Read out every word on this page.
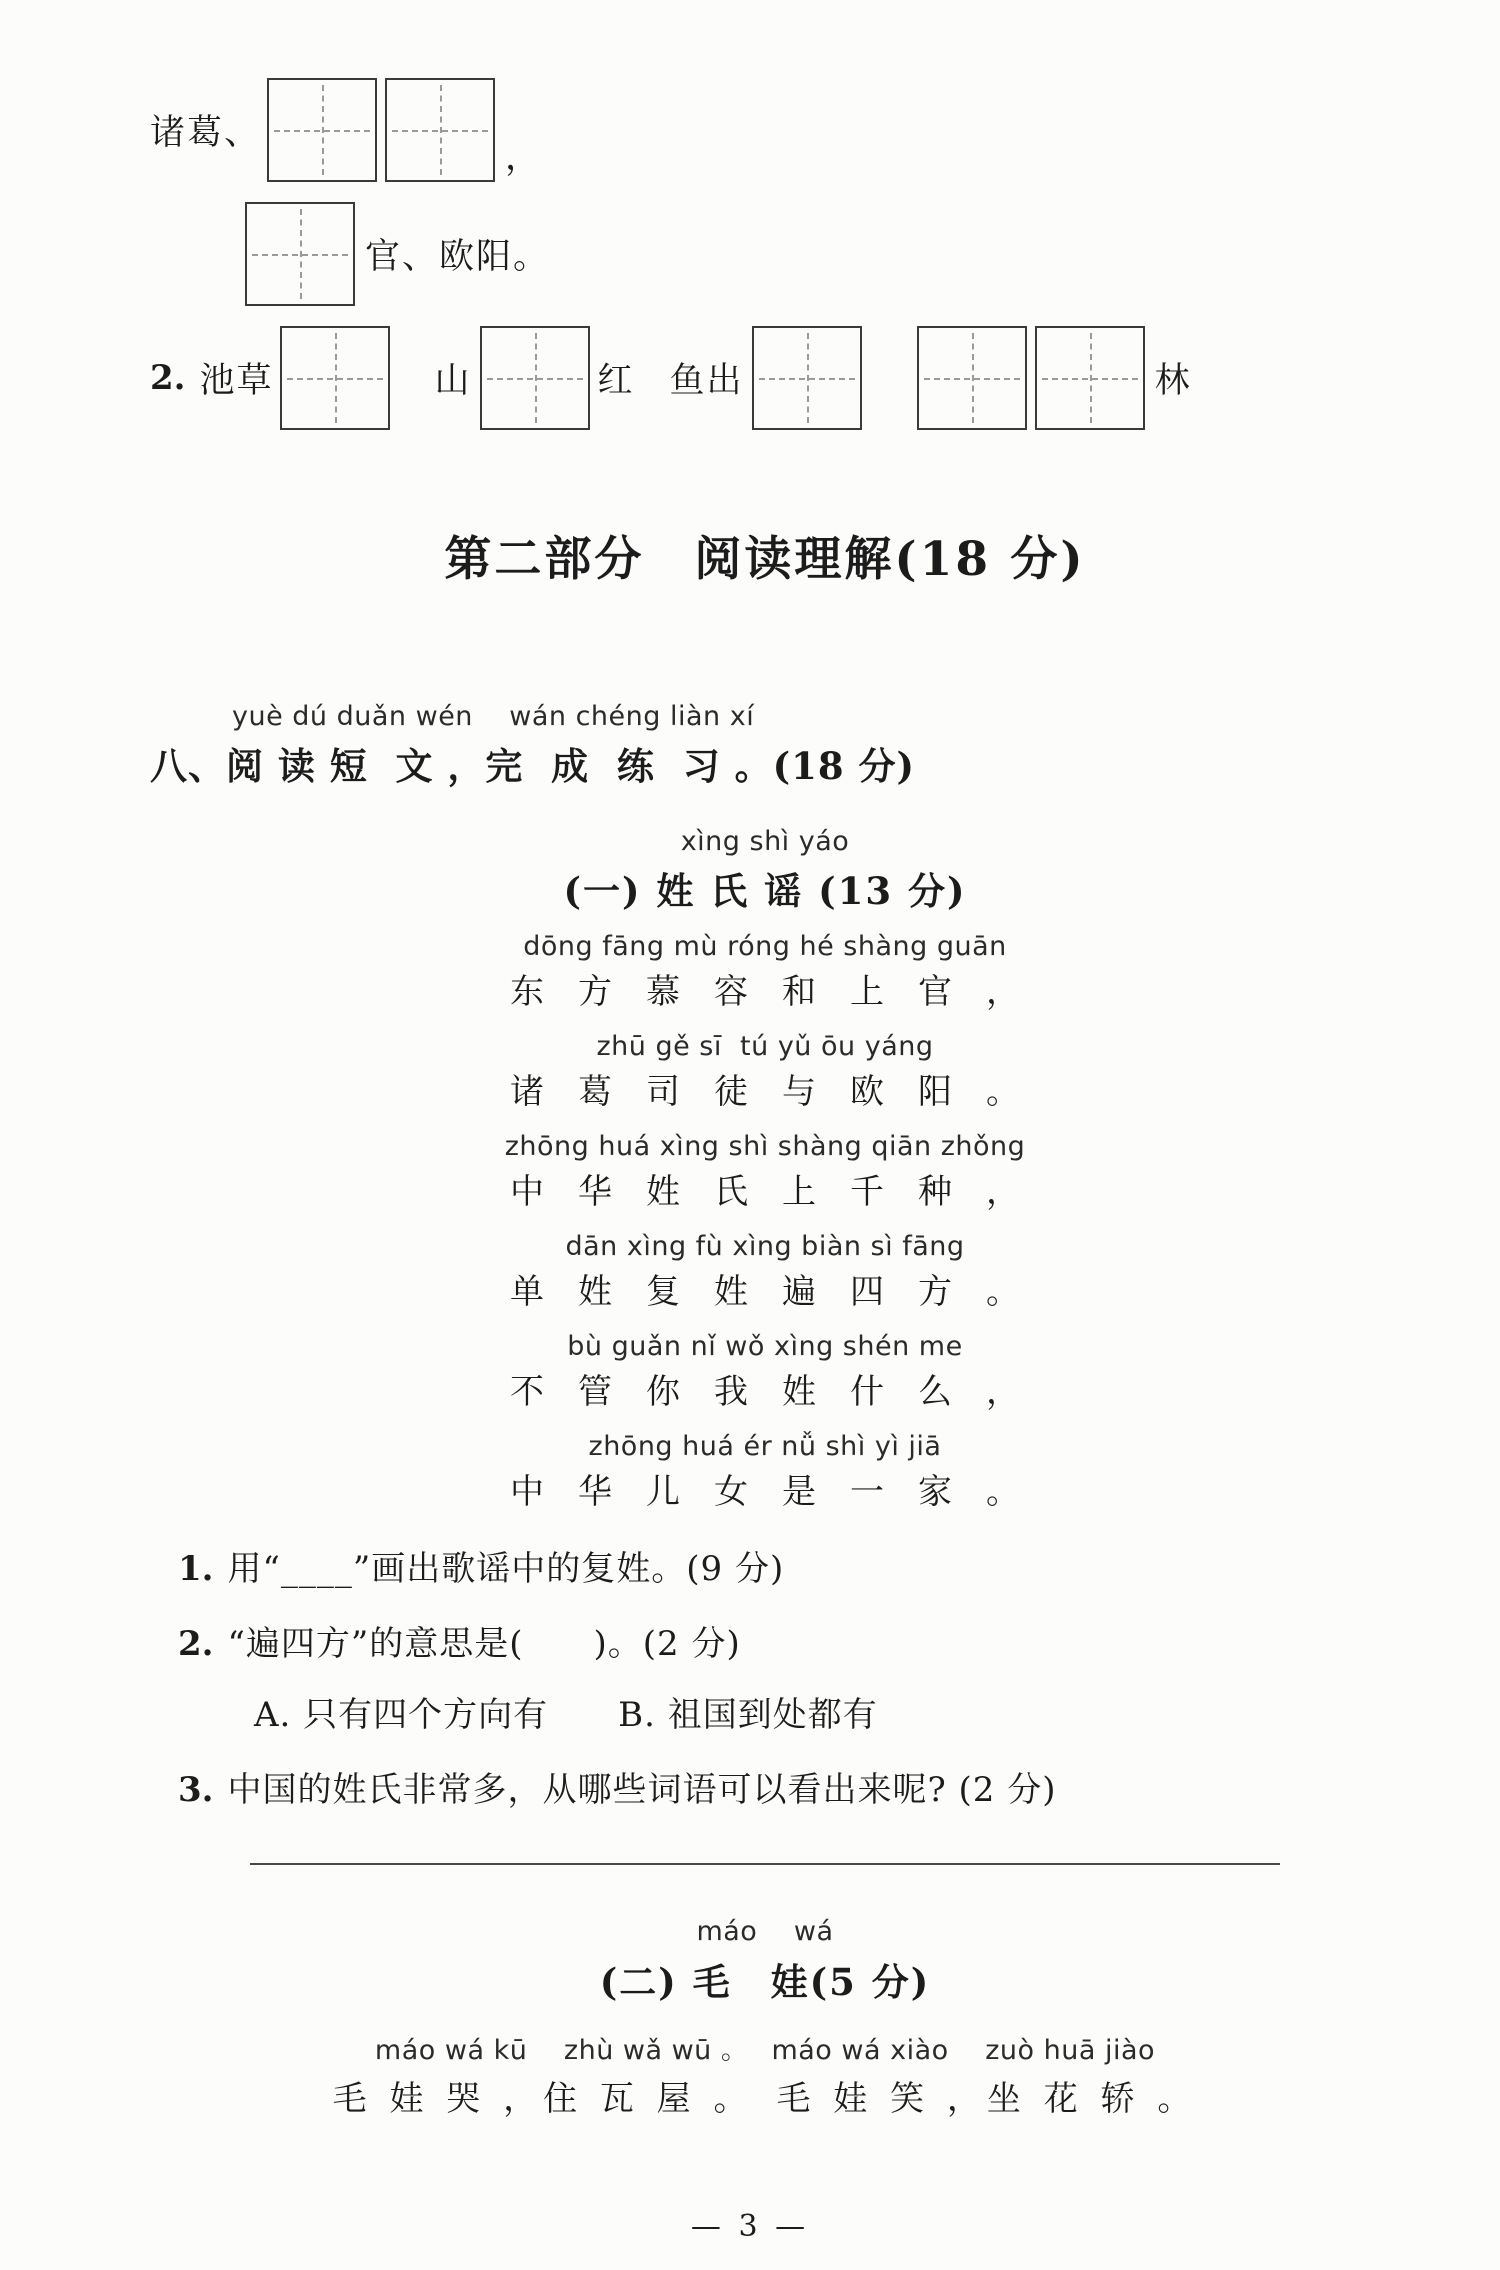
诸葛、
，
官、欧阳。
2. 池草	山	红 鱼出	林
第二部分　阅读理解(18 分)
yuè dú duǎn wén    wán chéng liàn xí
八、阅 读 短  文 ，完  成  练  习 。(18 分)
xìng shì yáo
(一) 姓 氏 谣 (13 分)
dōng fāng mù róng hé shàng guān
东　方　慕　容　和　上　官　，
zhū gě sī  tú yǔ ōu yáng
诸　葛　司　徒　与　欧　阳　。
zhōng huá xìng shì shàng qiān zhǒng
中　华　姓　氏　上　千　种　，
dān xìng fù xìng biàn sì fāng
单　姓　复　姓　遍　四　方　。
bù guǎn nǐ wǒ xìng shén me
不　管　你　我　姓　什　么　，
zhōng huá ér nǚ shì yì jiā
中　华　儿　女　是　一　家　。
1. 用“____”画出歌谣中的复姓。(9 分)
2. “遍四方”的意思是(　　)。(2 分)
A. 只有四个方向有　　B. 祖国到处都有
3. 中国的姓氏非常多，从哪些词语可以看出来呢? (2 分)
máo　 wá
(二) 毛　娃(5 分)
máo wá kū　 zhù wǎ wū 。　 máo wá xiào　 zuò huā jiào
毛 娃 哭 ，住 瓦 屋 。　毛 娃 笑 ，坐 花 轿 。
— 3 —
